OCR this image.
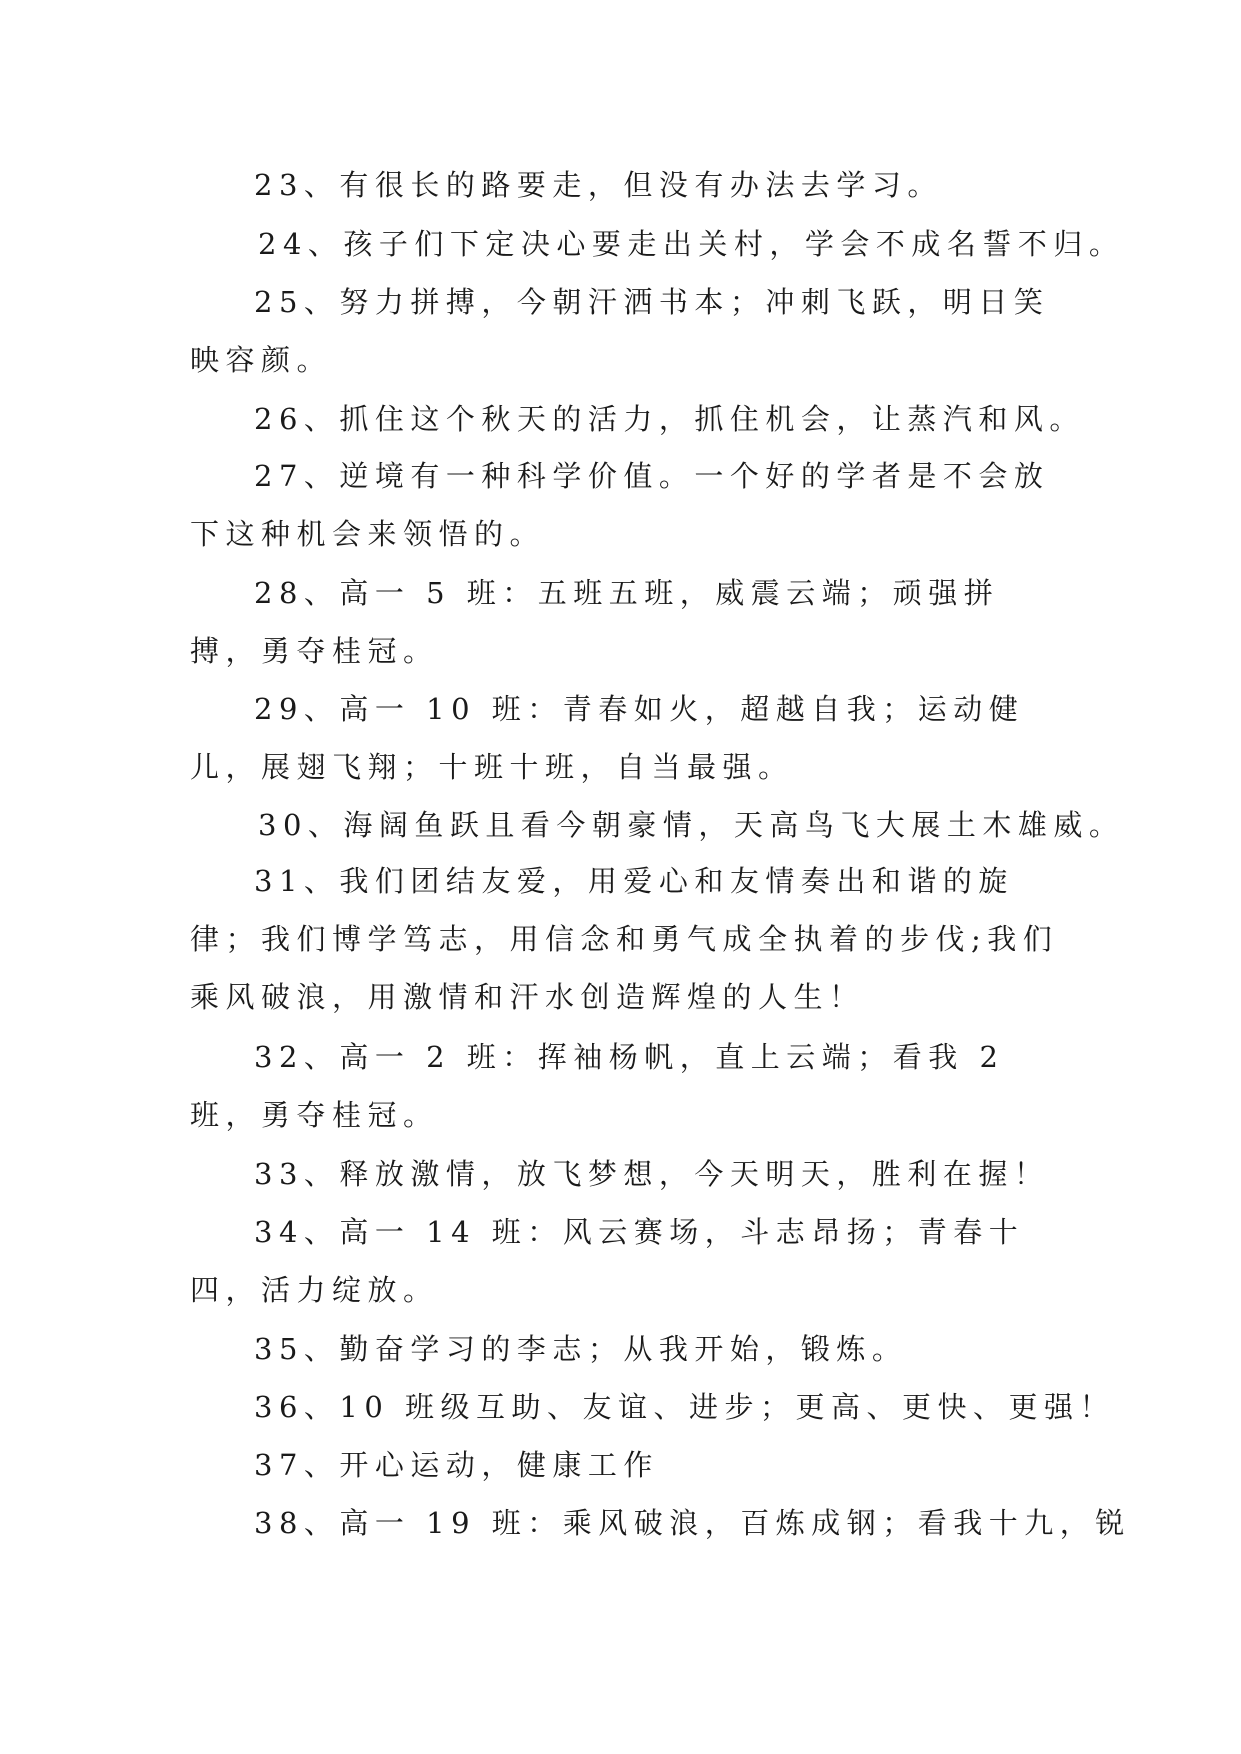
23、有很长的路要走，但没有办法去学习。

24、孩子们下定决心要走出关村，学会不成名誓不归。

25、努力拼搏，今朝汗洒书本；冲刺飞跃，明日笑映容颜。

26、抓住这个秋天的活力，抓住机会，让蒸汽和风。

27、逆境有一种科学价值。一个好的学者是不会放下这种机会来领悟的。

28、高一 5 班：五班五班，威震云端；顽强拼搏，勇夺桂冠。

29、高一 10 班：青春如火，超越自我；运动健儿，展翅飞翔；十班十班，自当最强。

30、海阔鱼跃且看今朝豪情，天高鸟飞大展土木雄威。

31、我们团结友爱，用爱心和友情奏出和谐的旋律；我们博学笃志，用信念和勇气成全执着的步伐;我们乘风破浪，用激情和汗水创造辉煌的人生！

32、高一 2 班：挥袖杨帆，直上云端；看我 2 班，勇夺桂冠。

33、释放激情，放飞梦想，今天明天，胜利在握！

34、高一 14 班：风云赛场，斗志昂扬；青春十四，活力绽放。

35、勤奋学习的李志；从我开始，锻炼。

36、10 班级互助、友谊、进步；更高、更快、更强！

37、开心运动，健康工作

38、高一 19 班：乘风破浪，百炼成钢；看我十九，锐
